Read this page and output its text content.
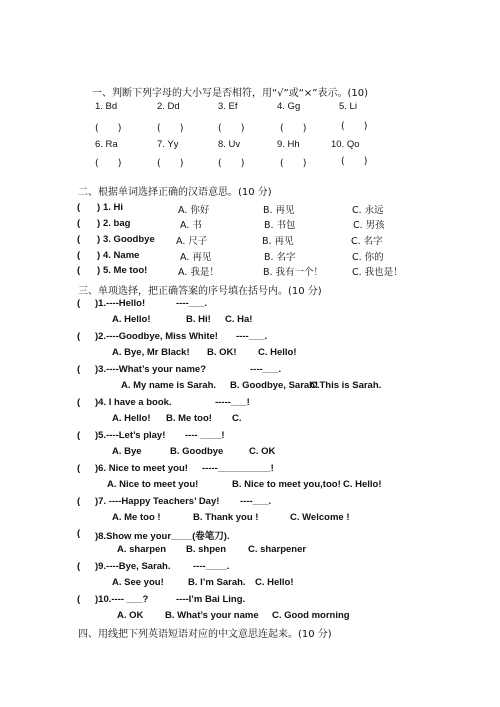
一、判断下列字母的大小写是否相符，用“√”或“×”表示。(10)
1. Bd	2. Dd	3. Ef	4. Gg	5. Li
(　　)	(　　)	(　　)	(　　)	(　　)
6. Ra	7. Yy	8. Uv	9. Hh	10. Qo
(　　)	(　　)	(　　)	(　　)	(　　)
二、根据单词选择正确的汉语意思。(10 分)
( ) 1. Hi	A. 你好	B. 再见	C. 永远
( ) 2. bag	A. 书	B. 书包	C. 男孩
( ) 3. Goodbye A. 尺子	B. 再见	C. 名字
( ) 4. Name	A. 再见	B. 名字	C. 你的
( ) 5. Me too!	A. 我是！	B. 我有一个！	C. 我也是！
三、单项选择，把正确答案的序号填在括号内。(10 分)
( )1.----Hello!	----___.
A. Hello!	B. Hi! C. Ha!
( )2.----Goodbye, Miss White! ----___.
A. Bye, Mr Black! B. OK! C. Hello!
( )3.----What’s your name?	----___.
A. My name is Sarah. B. Goodbye, Sarah!
C.This is Sarah.
( )4. I have a book.	-----___!
A. Hello! B. Me too! C.
( )5.----Let’s play! ---- ____!
A. Bye	B. Goodbye	C. OK
( )6. Nice to meet you! -----__________!
A. Nice to meet you!	B. Nice to meet you,too! C. Hello!
( )7. ----Happy Teachers’ Day! ----___.
A. Me too !	B. Thank you !	C. Welcome !
( )8.Show me your____(卷笔刀).
A. sharpen B. shpen C. sharpener
( )9.----Bye, Sarah. ----____.
A. See you!	B. I’m Sarah. C. Hello!
( )10.---- ___?	----I’m Bai Ling.
A. OK B. What’s your name C. Good morning
四、用线把下列英语短语对应的中文意思连起来。(10 分)
